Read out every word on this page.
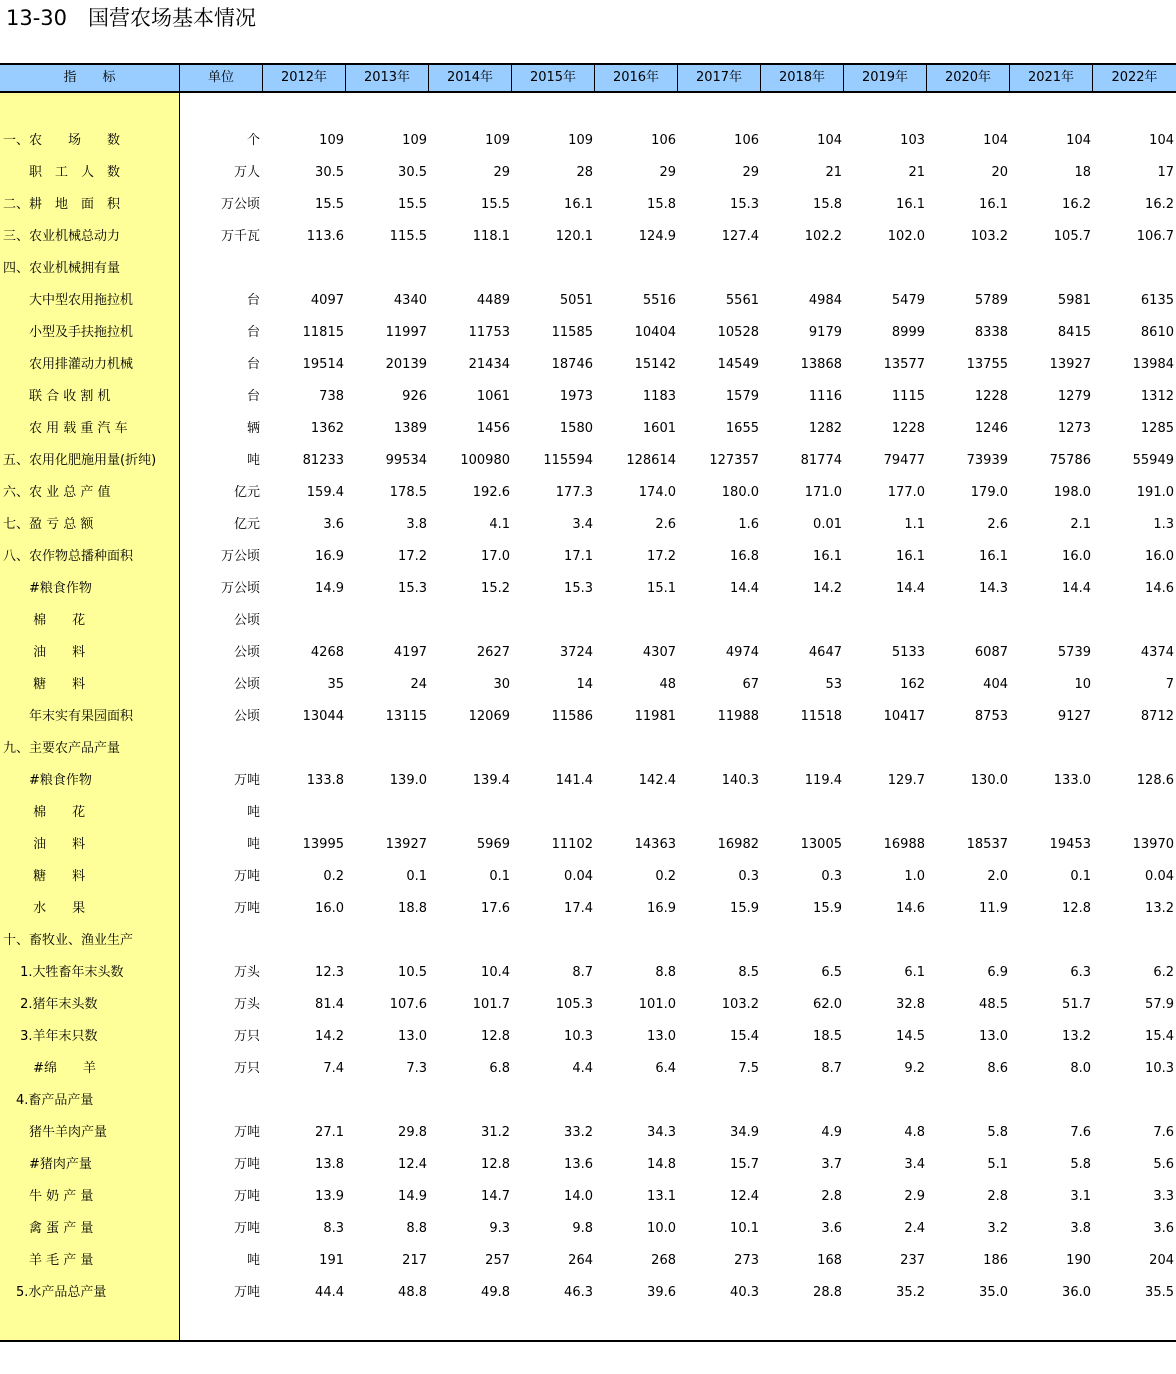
13-30　国营农场基本情况
指　　标	单位	2012年	2013年	2014年	2015年	2016年	2017年	2018年	2019年	2020年	2021年	2022年
一、农　　场　　数	个	109	109	109	109	106	106	104	103	104	104	104
　　职　工　人　数	万人	30.5	30.5	29	28	29	29	21	21	20	18	17
二、耕　地　面　积	万公顷	15.5	15.5	15.5	16.1	15.8	15.3	15.8	16.1	16.1	16.2	16.2
三、农业机械总动力	万千瓦	113.6	115.5	118.1	120.1	124.9	127.4	102.2	102.0	103.2	105.7	106.7
四、农业机械拥有量
　　大中型农用拖拉机	台	4097	4340	4489	5051	5516	5561	4984	5479	5789	5981	6135
　　小型及手扶拖拉机	台	11815	11997	11753	11585	10404	10528	9179	8999	8338	8415	8610
　　农用排灌动力机械	台	19514	20139	21434	18746	15142	14549	13868	13577	13755	13927	13984
　　联 合 收 割 机	台	738	926	1061	1973	1183	1579	1116	1115	1228	1279	1312
　　农 用 载 重 汽 车	辆	1362	1389	1456	1580	1601	1655	1282	1228	1246	1273	1285
五、农用化肥施用量(折纯)	吨	81233	99534	100980	115594	128614	127357	81774	79477	73939	75786	55949
六、农 业 总 产 值	亿元	159.4	178.5	192.6	177.3	174.0	180.0	171.0	177.0	179.0	198.0	191.0
七、盈 亏 总 额	亿元	3.6	3.8	4.1	3.4	2.6	1.6	0.01	1.1	2.6	2.1	1.3
八、农作物总播种面积	万公顷	16.9	17.2	17.0	17.1	17.2	16.8	16.1	16.1	16.1	16.0	16.0
　　#粮食作物	万公顷	14.9	15.3	15.2	15.3	15.1	14.4	14.2	14.4	14.3	14.4	14.6
　　 棉　　花	公顷
　　 油　　料	公顷	4268	4197	2627	3724	4307	4974	4647	5133	6087	5739	4374
　　 糖　　料	公顷	35	24	30	14	48	67	53	162	404	10	7
　　年末实有果园面积	公顷	13044	13115	12069	11586	11981	11988	11518	10417	8753	9127	8712
九、主要农产品产量
　　#粮食作物	万吨	133.8	139.0	139.4	141.4	142.4	140.3	119.4	129.7	130.0	133.0	128.6
　　 棉　　花	吨
　　 油　　料	吨	13995	13927	5969	11102	14363	16982	13005	16988	18537	19453	13970
　　 糖　　料	万吨	0.2	0.1	0.1	0.04	0.2	0.3	0.3	1.0	2.0	0.1	0.04
　　 水　　果	万吨	16.0	18.8	17.6	17.4	16.9	15.9	15.9	14.6	11.9	12.8	13.2
十、畜牧业、渔业生产
　 1.大牲畜年末头数	万头	12.3	10.5	10.4	8.7	8.8	8.5	6.5	6.1	6.9	6.3	6.2
　 2.猪年末头数	万头	81.4	107.6	101.7	105.3	101.0	103.2	62.0	32.8	48.5	51.7	57.9
　 3.羊年末只数	万只	14.2	13.0	12.8	10.3	13.0	15.4	18.5	14.5	13.0	13.2	15.4
　　 #绵　　羊	万只	7.4	7.3	6.8	4.4	6.4	7.5	8.7	9.2	8.6	8.0	10.3
　4.畜产品产量
　　猪牛羊肉产量	万吨	27.1	29.8	31.2	33.2	34.3	34.9	4.9	4.8	5.8	7.6	7.6
　　#猪肉产量	万吨	13.8	12.4	12.8	13.6	14.8	15.7	3.7	3.4	5.1	5.8	5.6
　　牛 奶 产 量	万吨	13.9	14.9	14.7	14.0	13.1	12.4	2.8	2.9	2.8	3.1	3.3
　　禽 蛋 产 量	万吨	8.3	8.8	9.3	9.8	10.0	10.1	3.6	2.4	3.2	3.8	3.6
　　羊 毛 产 量	吨	191	217	257	264	268	273	168	237	186	190	204
　5.水产品总产量	万吨	44.4	48.8	49.8	46.3	39.6	40.3	28.8	35.2	35.0	36.0	35.5
